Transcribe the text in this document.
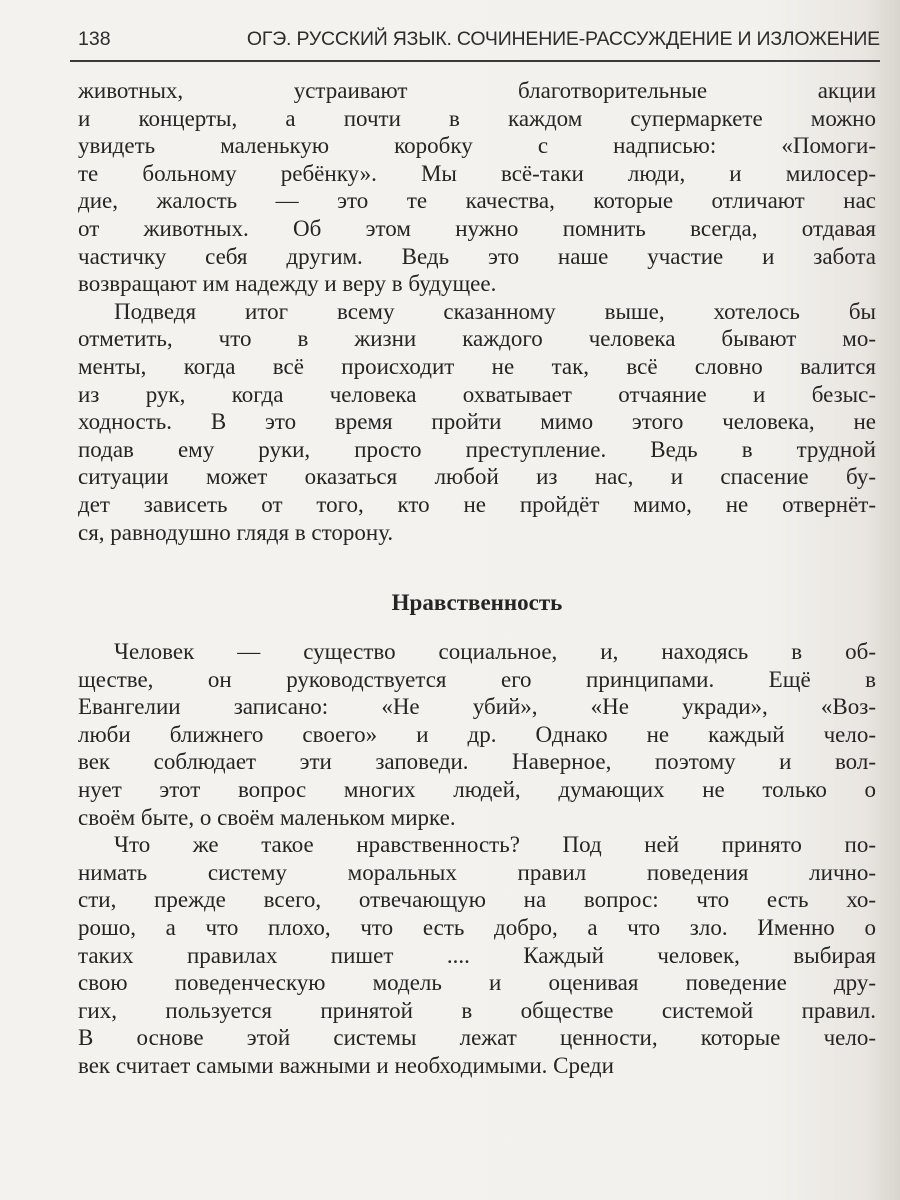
138	ОГЭ. РУССКИЙ ЯЗЫК. СОЧИНЕНИЕ-РАССУЖДЕНИЕ И ИЗЛОЖЕНИЕ
животных, устраивают благотворительные акции
и концерты, а почти в каждом супермаркете можно
увидеть маленькую коробку с надписью: «Помоги-
те больному ребёнку». Мы всё-таки люди, и милосер-
дие, жалость — это те качества, которые отличают нас
от животных. Об этом нужно помнить всегда, отдавая
частичку себя другим. Ведь это наше участие и забота
возвращают им надежду и веру в будущее.
Подведя итог всему сказанному выше, хотелось бы
отметить, что в жизни каждого человека бывают мо-
менты, когда всё происходит не так, всё словно валится
из рук, когда человека охватывает отчаяние и безыс-
ходность. В это время пройти мимо этого человека, не
подав ему руки, просто преступление. Ведь в трудной
ситуации может оказаться любой из нас, и спасение бу-
дет зависеть от того, кто не пройдёт мимо, не отвернёт-
ся, равнодушно глядя в сторону.
Нравственность
Человек — существо социальное, и, находясь в об-
ществе, он руководствуется его принципами. Ещё в
Евангелии записано: «Не убий», «Не укради», «Воз-
люби ближнего своего» и др. Однако не каждый чело-
век соблюдает эти заповеди. Наверное, поэтому и вол-
нует этот вопрос многих людей, думающих не только о
своём быте, о своём маленьком мирке.
Что же такое нравственность? Под ней принято по-
нимать систему моральных правил поведения лично-
сти, прежде всего, отвечающую на вопрос: что есть хо-
рошо, а что плохо, что есть добро, а что зло. Именно о
таких правилах пишет .... Каждый человек, выбирая
свою поведенческую модель и оценивая поведение дру-
гих, пользуется принятой в обществе системой правил.
В основе этой системы лежат ценности, которые чело-
век считает самыми важными и необходимыми. Среди
